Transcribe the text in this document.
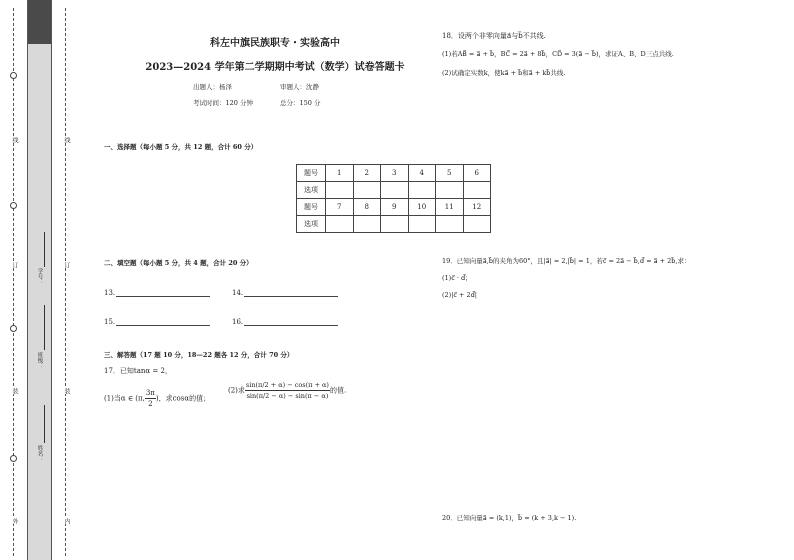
线
订
装
外
学号：
班级：
姓名：
线
订
装
内
科左中旗民族职专・实验高中
2023—2024 学年第二学期期中考试（数学）试卷答题卡
出题人：杨泽	审题人：沈静
考试时间：120 分钟	总分：150 分
一、选择题（每小题 5 分，共 12 题，合计 60 分）
题号	1	2	3	4	5	6
选项						
题号	7	8	9	10	11	12
选项						
二、填空题（每小题 5 分，共 4 题，合计 20 分）
13.	14.
15.	16.
三、解答题（17 题 10 分，18—22 题各 12 分，合计 70 分）
17．已知tanα = 2，
(1)当α ∈ (π, $\frac{3\pi}{2}$ )，求cosα的值；
(2)求 $\frac{\sin(\pi/2 + \alpha) - \cos(\pi + \alpha)}{\sin(\pi/2 - \alpha) - \sin(\pi - \alpha)}$ 的值.
18．设两个非零向量a⃗与b⃗不共线.
(1)若AB⃗ = a⃗ + b⃗，BC⃗ = 2a⃗ + 8b⃗，CD⃗ = 3(a⃗ − b⃗)，求证A、B、D三点共线.
(2)试确定实数k，使ka⃗ + b⃗和a⃗ + kb⃗共线.
19．已知向量a⃗,b⃗的夹角为60°，且|a⃗| = 2,|b⃗| = 1，若c⃗ = 2a⃗ − b⃗,d⃗ = a⃗ + 2b⃗,求：
(1)c⃗ · d⃗；
(2)|c⃗ + 2d⃗|
20．已知向量a⃗ = (k,1)，b⃗ = (k + 3,k − 1).
